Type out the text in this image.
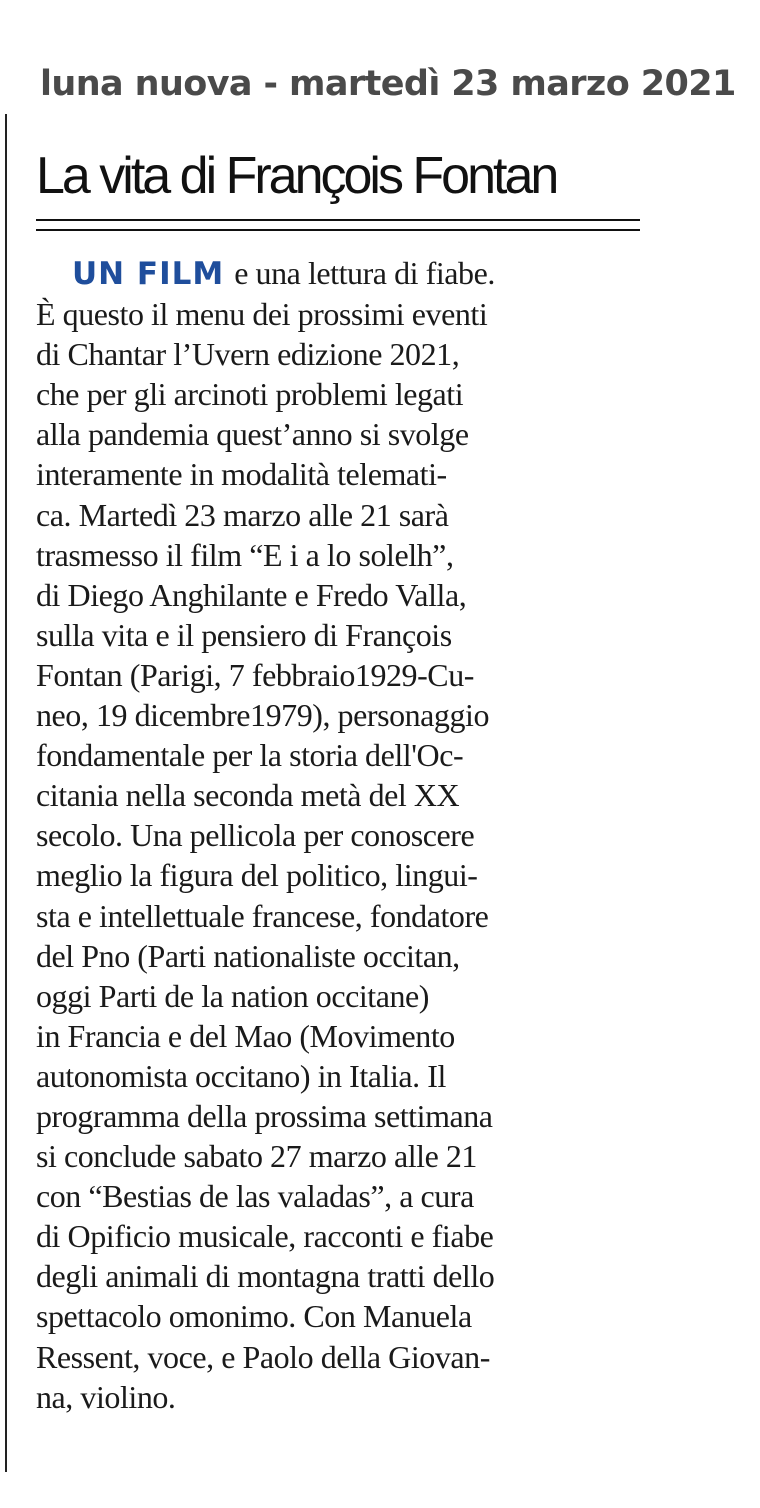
luna nuova - martedì 23 marzo 2021
La vita di François Fontan
UN FILM e una lettura di fiabe.
È questo il menu dei prossimi eventi
di Chantar l’Uvern edizione 2021,
che per gli arcinoti problemi legati
alla pandemia quest’anno si svolge
interamente in modalità telemati-
ca. Martedì 23 marzo alle 21 sarà
trasmesso il film “E i a lo solelh”,
di Diego Anghilante e Fredo Valla,
sulla vita e il pensiero di François
Fontan (Parigi, 7 febbraio1929-Cu-
neo, 19 dicembre1979), personaggio
fondamentale per la storia dell'Oc-
citania nella seconda metà del XX
secolo. Una pellicola per conoscere
meglio la figura del politico, lingui-
sta e intellettuale francese, fondatore
del Pno (Parti nationaliste occitan,
oggi Parti de la nation occitane)
in Francia e del Mao (Movimento
autonomista occitano) in Italia. Il
programma della prossima settimana
si conclude sabato 27 marzo alle 21
con “Bestias de las valadas”, a cura
di Opificio musicale, racconti e fiabe
degli animali di montagna tratti dello
spettacolo omonimo. Con Manuela
Ressent, voce, e Paolo della Giovan-
na, violino.
